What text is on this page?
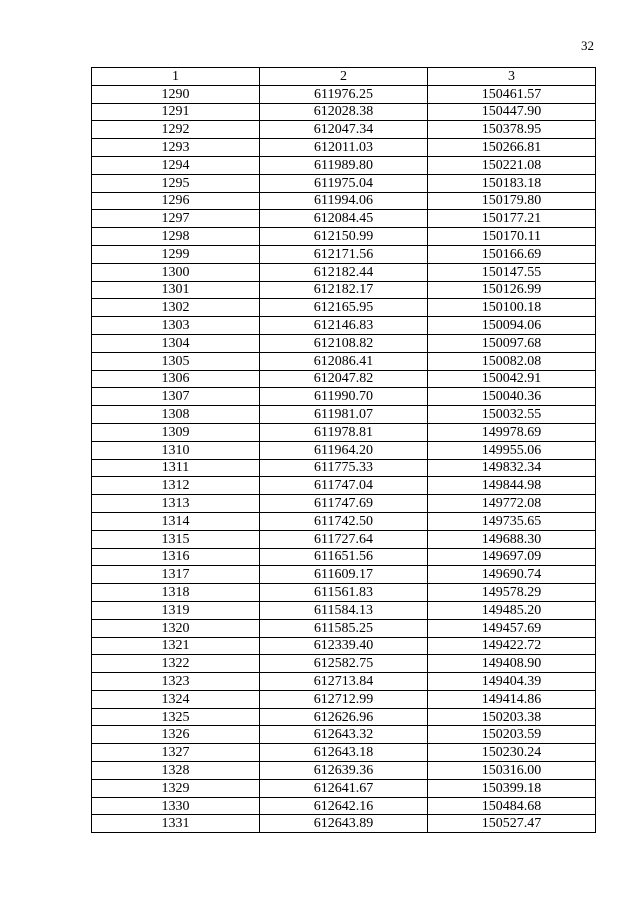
32
1	2	3
1290	611976.25	150461.57
1291	612028.38	150447.90
1292	612047.34	150378.95
1293	612011.03	150266.81
1294	611989.80	150221.08
1295	611975.04	150183.18
1296	611994.06	150179.80
1297	612084.45	150177.21
1298	612150.99	150170.11
1299	612171.56	150166.69
1300	612182.44	150147.55
1301	612182.17	150126.99
1302	612165.95	150100.18
1303	612146.83	150094.06
1304	612108.82	150097.68
1305	612086.41	150082.08
1306	612047.82	150042.91
1307	611990.70	150040.36
1308	611981.07	150032.55
1309	611978.81	149978.69
1310	611964.20	149955.06
1311	611775.33	149832.34
1312	611747.04	149844.98
1313	611747.69	149772.08
1314	611742.50	149735.65
1315	611727.64	149688.30
1316	611651.56	149697.09
1317	611609.17	149690.74
1318	611561.83	149578.29
1319	611584.13	149485.20
1320	611585.25	149457.69
1321	612339.40	149422.72
1322	612582.75	149408.90
1323	612713.84	149404.39
1324	612712.99	149414.86
1325	612626.96	150203.38
1326	612643.32	150203.59
1327	612643.18	150230.24
1328	612639.36	150316.00
1329	612641.67	150399.18
1330	612642.16	150484.68
1331	612643.89	150527.47
